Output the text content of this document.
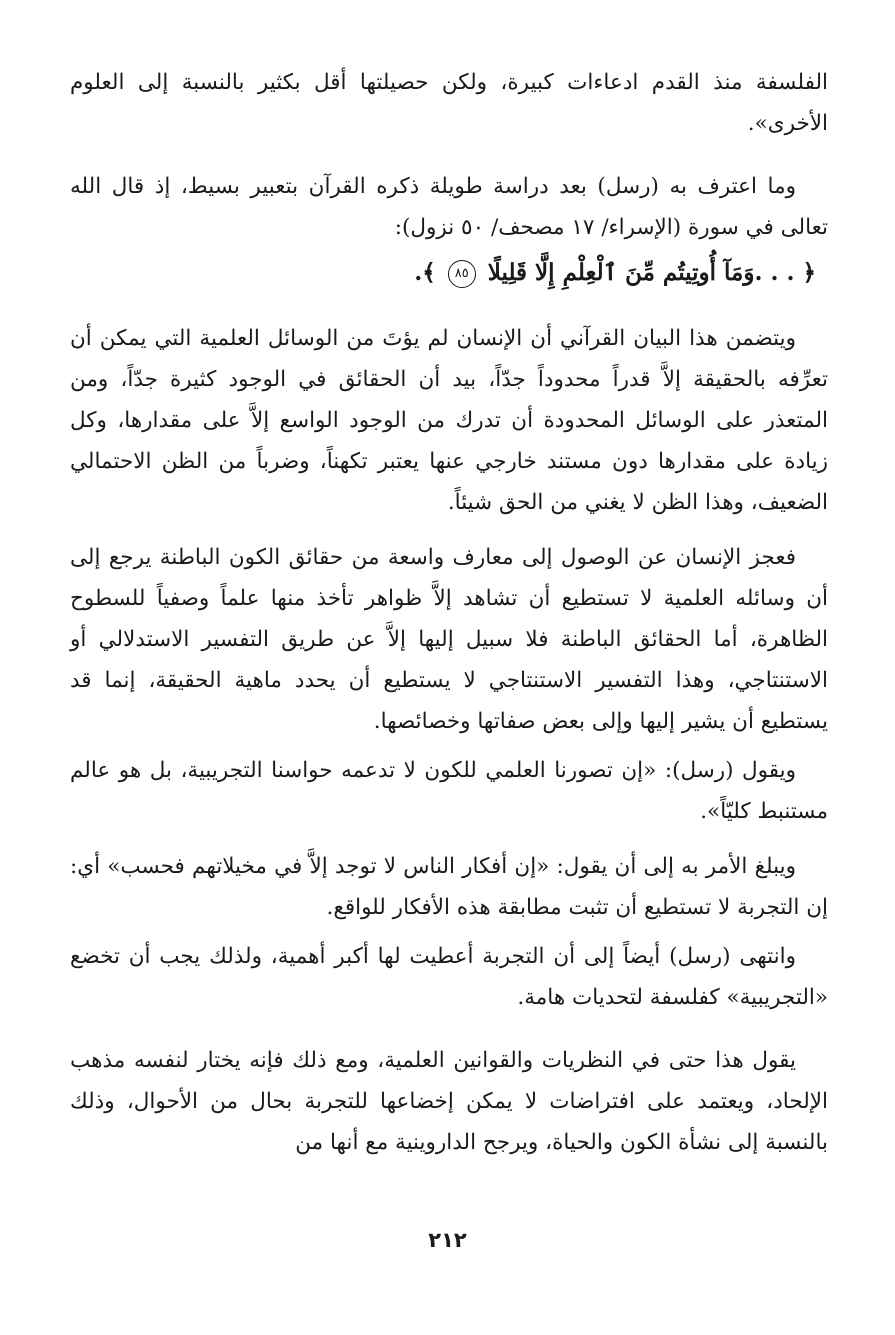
الفلسفة منذ القدم ادعاءات كبيرة، ولكن حصيلتها أقل بكثير بالنسبة إلى العلوم الأخرى».

وما اعترف به (رسل) بعد دراسة طويلة ذكره القرآن بتعبير بسيط، إذ قال الله تعالى في سورة (الإسراء/ ١٧ مصحف/ ٥٠ نزول):

﴿ . . .وَمَآ أُوتِيتُم مِّنَ ٱلْعِلْمِ إِلَّا قَلِيلًا ٨٥ ﴾.

ويتضمن هذا البيان القرآني أن الإنسان لم يؤتَ من الوسائل العلمية التي يمكن أن تعرِّفه بالحقيقة إلاَّ قدراً محدوداً جدّاً، بيد أن الحقائق في الوجود كثيرة جدّاً، ومن المتعذر على الوسائل المحدودة أن تدرك من الوجود الواسع إلاَّ على مقدارها، وكل زيادة على مقدارها دون مستند خارجي عنها يعتبر تكهناً، وضرباً من الظن الاحتمالي الضعيف، وهذا الظن لا يغني من الحق شيئاً.

فعجز الإنسان عن الوصول إلى معارف واسعة من حقائق الكون الباطنة يرجع إلى أن وسائله العلمية لا تستطيع أن تشاهد إلاَّ ظواهر تأخذ منها علماً وصفياً للسطوح الظاهرة، أما الحقائق الباطنة فلا سبيل إليها إلاَّ عن طريق التفسير الاستدلالي أو الاستنتاجي، وهذا التفسير الاستنتاجي لا يستطيع أن يحدد ماهية الحقيقة، إنما قد يستطيع أن يشير إليها وإلى بعض صفاتها وخصائصها.

ويقول (رسل): «إن تصورنا العلمي للكون لا تدعمه حواسنا التجريبية، بل هو عالم مستنبط كليّاً».

ويبلغ الأمر به إلى أن يقول: «إن أفكار الناس لا توجد إلاَّ في مخيلاتهم فحسب» أي: إن التجربة لا تستطيع أن تثبت مطابقة هذه الأفكار للواقع.

وانتهى (رسل) أيضاً إلى أن التجربة أعطيت لها أكبر أهمية، ولذلك يجب أن تخضع «التجريبية» كفلسفة لتحديات هامة.

يقول هذا حتى في النظريات والقوانين العلمية، ومع ذلك فإنه يختار لنفسه مذهب الإلحاد، ويعتمد على افتراضات لا يمكن إخضاعها للتجربة بحال من الأحوال، وذلك بالنسبة إلى نشأة الكون والحياة، ويرجح الداروينية مع أنها من

٢١٢
